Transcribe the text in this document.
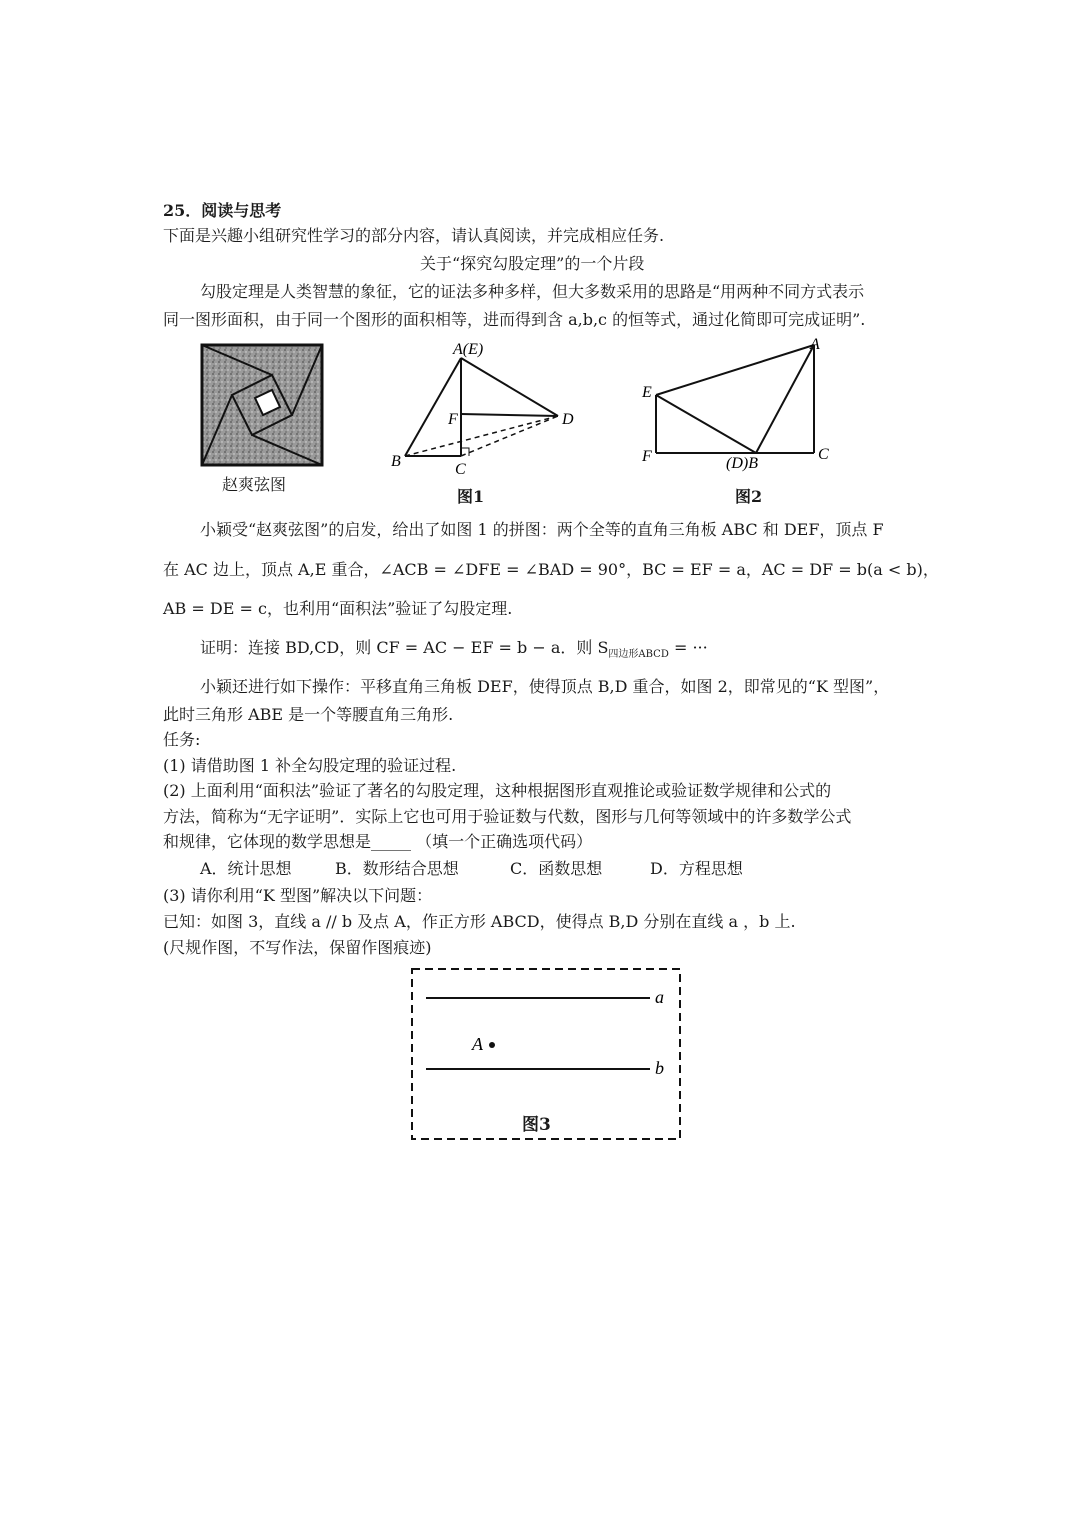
25．阅读与思考
下面是兴趣小组研究性学习的部分内容，请认真阅读，并完成相应任务.
关于“探究勾股定理”的一个片段
勾股定理是人类智慧的象征，它的证法多种多样，但大多数采用的思路是“用两种不同方式表示
同一图形面积，由于同一个图形的面积相等，进而得到含 a,b,c 的恒等式，通过化简即可完成证明”.
赵爽弦图
A(E)
F	D
B	C
图1
A
E
F	(D)B
C
图2
小颖受“赵爽弦图”的启发，给出了如图 1 的拼图：两个全等的直角三角板 ABC 和 DEF，顶点 F
在 AC 边上，顶点 A,E 重合，∠ACB = ∠DFE = ∠BAD = 90°，BC = EF = a，AC = DF = b(a < b)，
AB = DE = c，也利用“面积法”验证了勾股定理.
证明：连接 BD,CD，则 CF = AC − EF = b − a．则 $S_{四边形ABCD}$ = ···
小颖还进行如下操作：平移直角三角板 DEF，使得顶点 B,D 重合，如图 2，即常见的“K 型图”，
此时三角形 ABE 是一个等腰直角三角形.
任务:
(1) 请借助图 1 补全勾股定理的验证过程.
(2) 上面利用“面积法”验证了著名的勾股定理，这种根据图形直观推论或验证数学规律和公式的
方法，简称为“无字证明”．实际上它也可用于验证数与代数，图形与几何等领域中的许多数学公式
和规律，它体现的数学思想是_____ （填一个正确选项代码）
A．统计思想	B．数形结合思想	C．函数思想	D．方程思想
(3) 请你利用“K 型图”解决以下问题：
已知：如图 3，直线 a // b 及点 A，作正方形 ABCD，使得点 B,D 分别在直线 a ，b 上.
(尺规作图，不写作法，保留作图痕迹)
a
b
A
图3
